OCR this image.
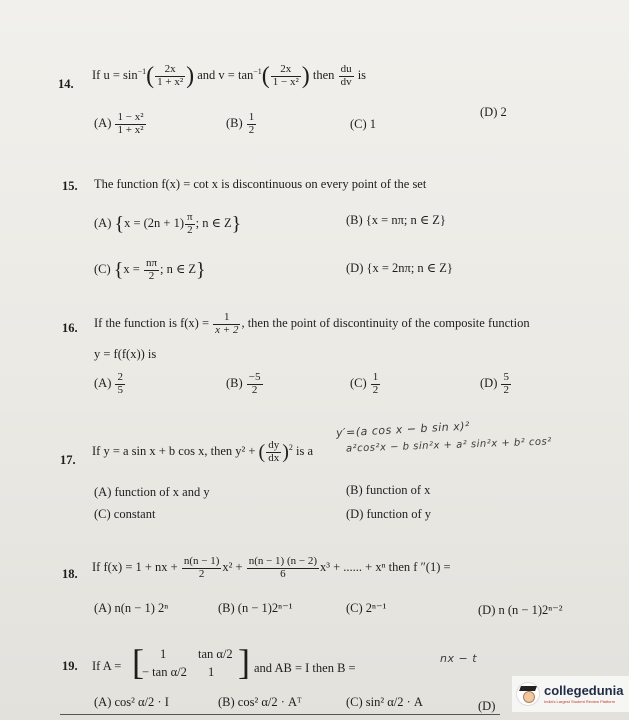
14.
If $u = \sin^{-1}( \frac{2x}{\text{1 + x²}}$ ) and $v = \tan^{-1}( \frac{2x}{\text{1 − x²}}$ ) then $\frac{du}{dv}$ is
$(A) \frac{\text{1 − x²}}{\text{1 + x²}}$	$(B) \frac{1}{2}$	(C) 1
(D) 2
15. The function f(x) = cot x is discontinuous on every point of the set
(A) {$x = (2n + 1) \frac{\pi}{2}$ ; n ∈ Z}	(B) {x = nπ; n ∈ Z}
(C) {$x = \frac{n\pi}{2}$ ; n ∈ Z}	(D) {x = 2nπ; n ∈ Z}
16. If the function is $f(x) = \frac{1}{x + 2}$ , then the point of discontinuity of the composite function
y = f(f(x)) is
$(A) \frac{2}{5}$	$(B) \frac{-5}{2}$	$(C) \frac{1}{2}$	$(D) \frac{5}{2}$
y′=(a cos x − b sin x)²
a²cos²x − b sin²x + a² sin²x + b² cos²
17.
If y = a sin x + b cos x, then y² + ( $\frac{dy}{dx} )^2$ is a
(A) function of x and y	(B) function of x
(C) constant	(D) function of y
18.
If f(x) = 1 + nx + $\frac{n(n - 1)}{2} x^2 + \frac{n(n - 1) (n - 2)}{6} x^3$ + ...... + xⁿ then f ″(1) =
(A) n(n − 1) 2ⁿ	(B) (n − 1)2ⁿ⁻¹	(C) 2ⁿ⁻¹	(D) n (n − 1)2ⁿ⁻²
nx − t
19. If A = [ 1	tan α/2
− tan α/2 1 ] and AB = I then B =
(A) cos² α/2 · I	(B) cos² α/2 · Aᵀ	(C) sin² α/2 · A	(D)
collegedunia
India's Largest Student Review Platform
